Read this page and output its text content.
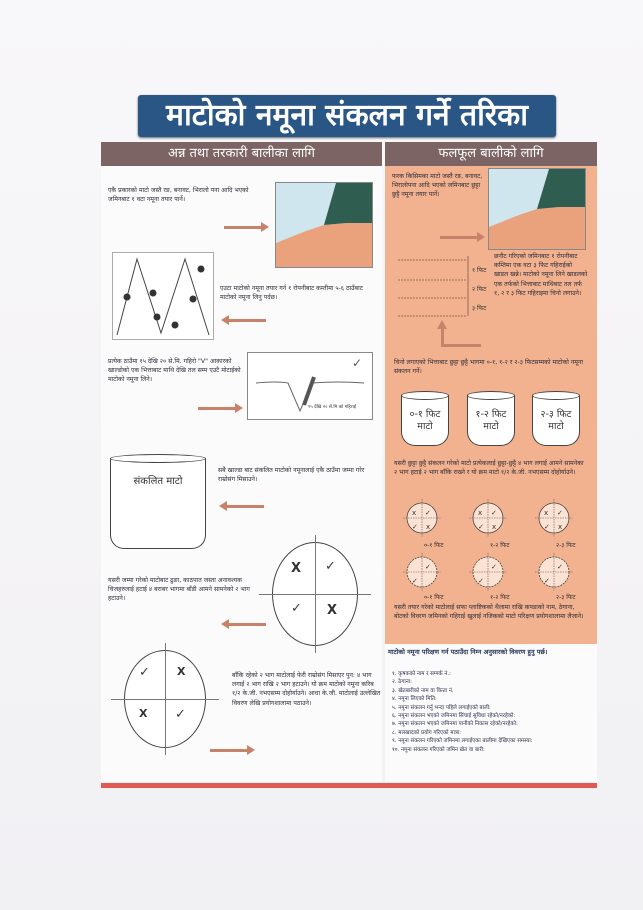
माटोको नमूना संकलन गर्ने तरिका
अन्न तथा तरकारी बालीका लागि	फलफूल बालीको लागि
एकै प्रकारको माटो जस्तै रङ, बनावट, भिरालो पना आदि भएको जमिनबाट १ वटा नमूना तयार पार्ने।
एउटा माटोको नमूना तयार गर्न १ रोपनीबाट कम्तीमा ५-६ ठाउँबाट माटोको नमूना लिनु पर्दछ।
प्रत्येक ठाउँमा १५ देखि २० से.मि. गहिरो "V" आकारको खाल्डोको एक भित्ताबाट माथि देखि तल सम्म एउटै मोटाईको माटोको नमूना लिने।
✓
१५ देखि २० से.मि को गहिराई
संकलित माटो
सबै खाल्डा बाट संकलित माटोको नमूनालाई एकै ठाउँमा जम्मा गरेर राम्रोसंग मिसाउने।
यसरी जम्मा गरेको माटोबाट ढुङा, काठपात जस्ता अनावश्यक चिजहरुलाई हटाई ४ बराबर भागमा बाँडी आमने सामनेको २ भाग हटाउने।
X ✓
✓ X
✓ X
X ✓
बाँकि रहेको २ भाग माटोलाई फेरी राम्रोसंग मिसाएर पुन: ४ भाग लगाई २ भाग राखि २ भाग हटाउने। यो क्रम माटोको नमूना करिब १/२ के.जी. नभएसम्म दोहोर्याउने। आधा के.जी. माटोलाई उल्लेखित विवरण लेखि प्रयोगशालामा पठाउने।
फरक किसिमका माटो जस्तै रङ, बनावट, भिरालोपना आदि भएको जमिनबाट छुट्टा छुट्टै नमूना तयार पार्ने।
१ फिट
२ फिट
३ फिट
छनौट गरिएको जमिनबाट १ रोपनीबाट कम्तिमा एक वटा ३ फिट गहिराईको खाडल खन्ने। माटोको नमूना लिने खाडलको एक तर्फको भित्ताबाट माथिबाट तल तर्फ १, २ र ३ फिट गहिराइमा चिनो लगाउने।
चिनो लगाएको भित्ताबाट छुट्टा छुट्टै भागमा ०-१, १-२ र २-३ फिटसम्मको माटोको नमूना संकलन गर्ने।
०-१ फिट माटो
१-२ फिट माटो
२-३ फिट माटो
यसरी छुट्टा छुट्टै संकलन गरेको माटो प्रत्येकलाई छुट्टा-छुट्टै ४ भाग लगाई आमने सामनेका २ भाग हटाई २ भाग बाँकि राख्ने र यो क्रम माटो १/२ के.जी. नभएसम्म दोहोर्याउने।
x ✓
✓ x
x ✓
✓ x
x ✓
✓ x
०-१ फिट	१-२ फिट	२-३ फिट
✓
✓
✓
✓
✓
✓
०-१ फिट	१-२ फिट	२-३ फिट
यसरी तयार गरेको माटोलाई सफा प्लाष्टिकको थैलामा राखि कपडाको नाम, ठेगाना, बोटको विवरण जमिनको गहिराई खुलाई नजिकको माटो परिक्षण प्रयोगशालामा लैजाने।
माटोको नमूना परिक्षण गर्न पठाउँदा निम्न अनुसारको विवरण हुनु पर्छ।
१. कृषकको नाम र सम्पर्क नं.:
२. ठेगाना:
३. खेतबारीको नाम वा कित्ता नं.
४. नमूना लिएको मिति:
५. नमूना संकलन गर्नु भन्दा पहिले लगाईएको बाली:
६. नमूना संकलन भएको जमिनमा सिंचाई सुविधा रहेको/नरहेको:
७. नमूना संकलन भएको जमिनमा पानीको निकास रहेको/नरहेको:
८. मलखादको प्रयोग गरिएको मात्रा:
९. नमूना संकलन गरिएको जमिनमा लगाईएका बालीमा देखिएका समस्या:
१०. नमूना संकलन गरिएको जमिन खेत वा बारी:
